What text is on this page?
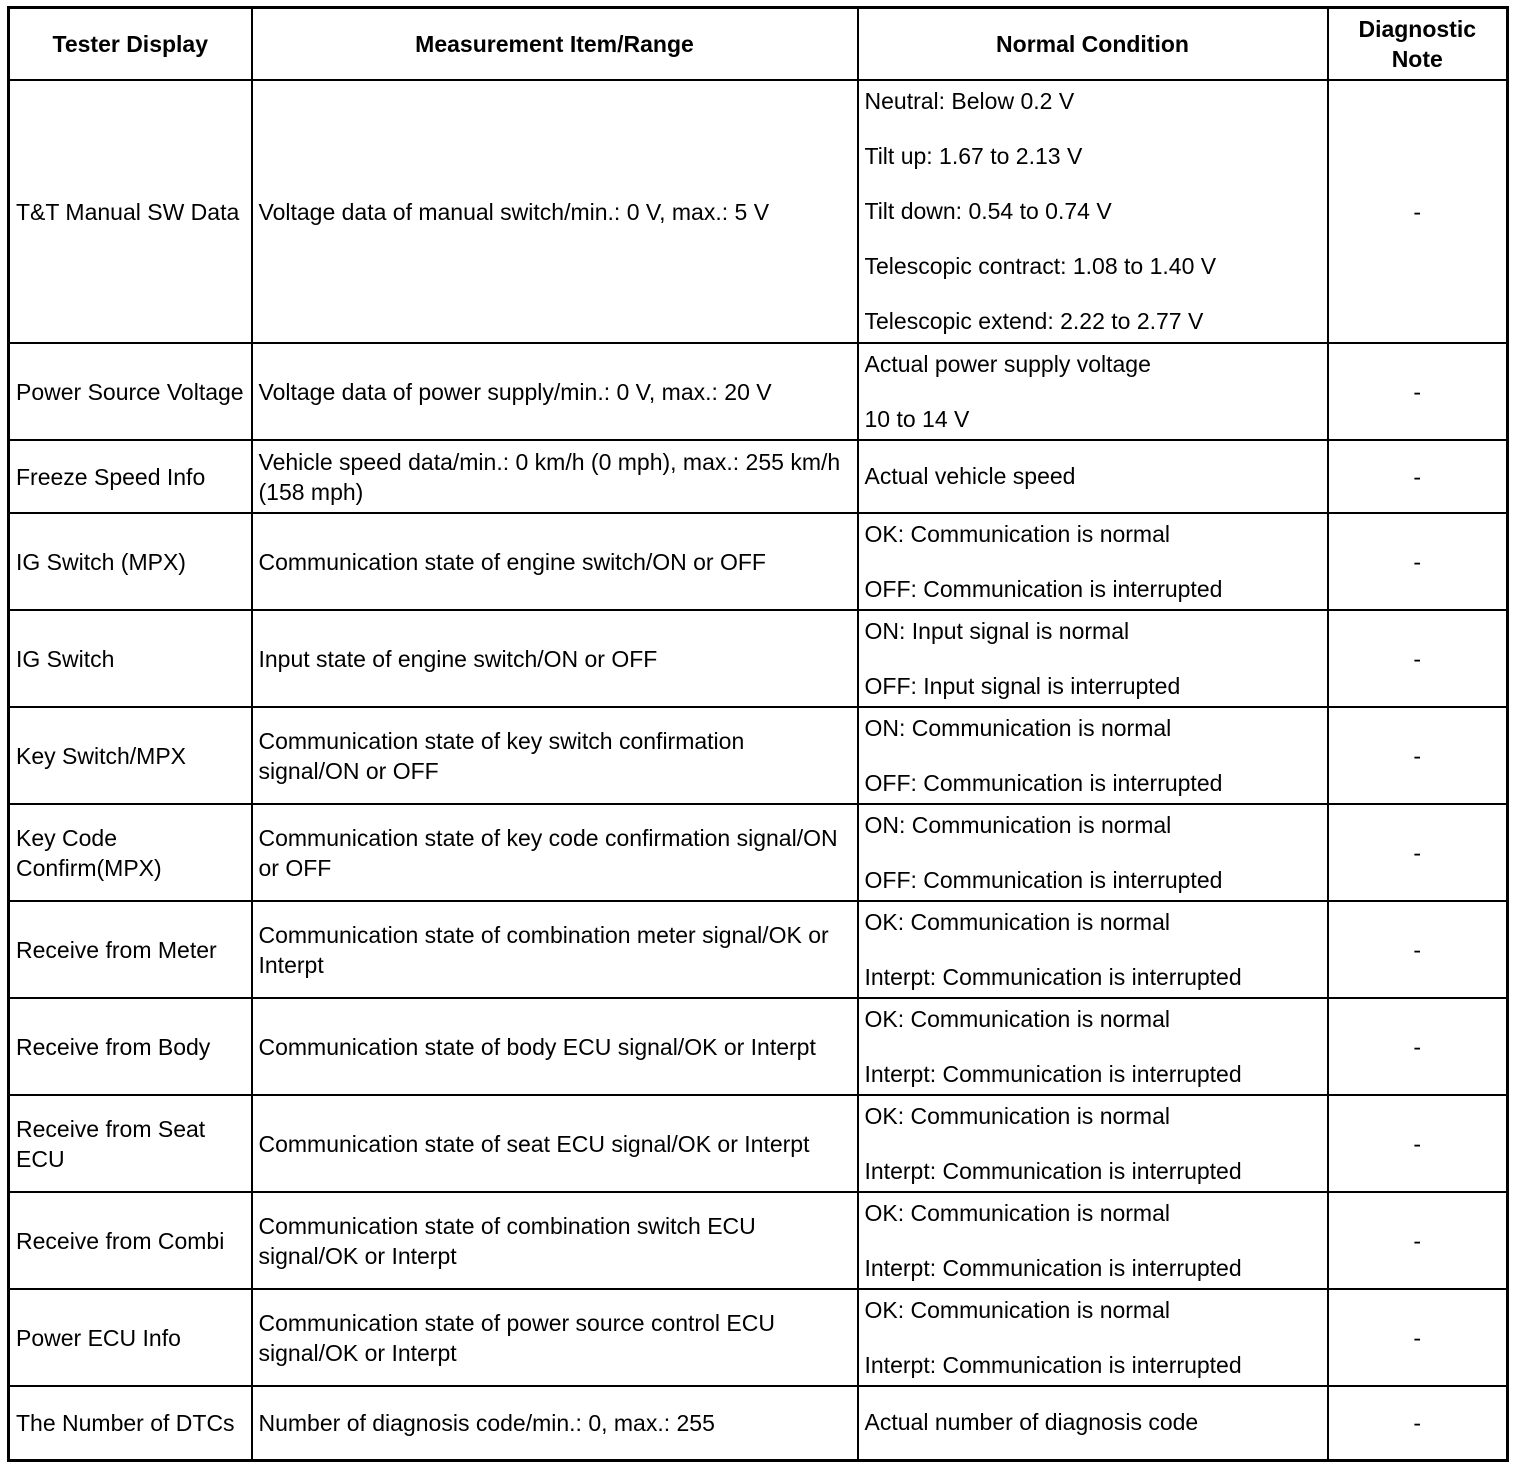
Tester Display	Measurement Item/Range	Normal Condition	Diagnostic Note
T&T Manual SW Data	Voltage data of manual switch/min.: 0 V, max.: 5 V	Neutral: Below 0.2 V
Tilt up: 1.67 to 2.13 V
Tilt down: 0.54 to 0.74 V
Telescopic contract: 1.08 to 1.40 V
Telescopic extend: 2.22 to 2.77 V	-
Power Source Voltage	Voltage data of power supply/min.: 0 V, max.: 20 V	Actual power supply voltage
10 to 14 V	-
Freeze Speed Info	Vehicle speed data/min.: 0 km/h (0 mph), max.: 255 km/h (158 mph)	Actual vehicle speed	-
IG Switch (MPX)	Communication state of engine switch/ON or OFF	OK: Communication is normal
OFF: Communication is interrupted	-
IG Switch	Input state of engine switch/ON or OFF	ON: Input signal is normal
OFF: Input signal is interrupted	-
Key Switch/MPX	Communication state of key switch confirmation signal/ON or OFF	ON: Communication is normal
OFF: Communication is interrupted	-
Key Code Confirm(MPX)	Communication state of key code confirmation signal/ON or OFF	ON: Communication is normal
OFF: Communication is interrupted	-
Receive from Meter	Communication state of combination meter signal/OK or Interpt	OK: Communication is normal
Interpt: Communication is interrupted	-
Receive from Body	Communication state of body ECU signal/OK or Interpt	OK: Communication is normal
Interpt: Communication is interrupted	-
Receive from Seat ECU	Communication state of seat ECU signal/OK or Interpt	OK: Communication is normal
Interpt: Communication is interrupted	-
Receive from Combi	Communication state of combination switch ECU signal/OK or Interpt	OK: Communication is normal
Interpt: Communication is interrupted	-
Power ECU Info	Communication state of power source control ECU signal/OK or Interpt	OK: Communication is normal
Interpt: Communication is interrupted	-
The Number of DTCs	Number of diagnosis code/min.: 0, max.: 255	Actual number of diagnosis code	-
